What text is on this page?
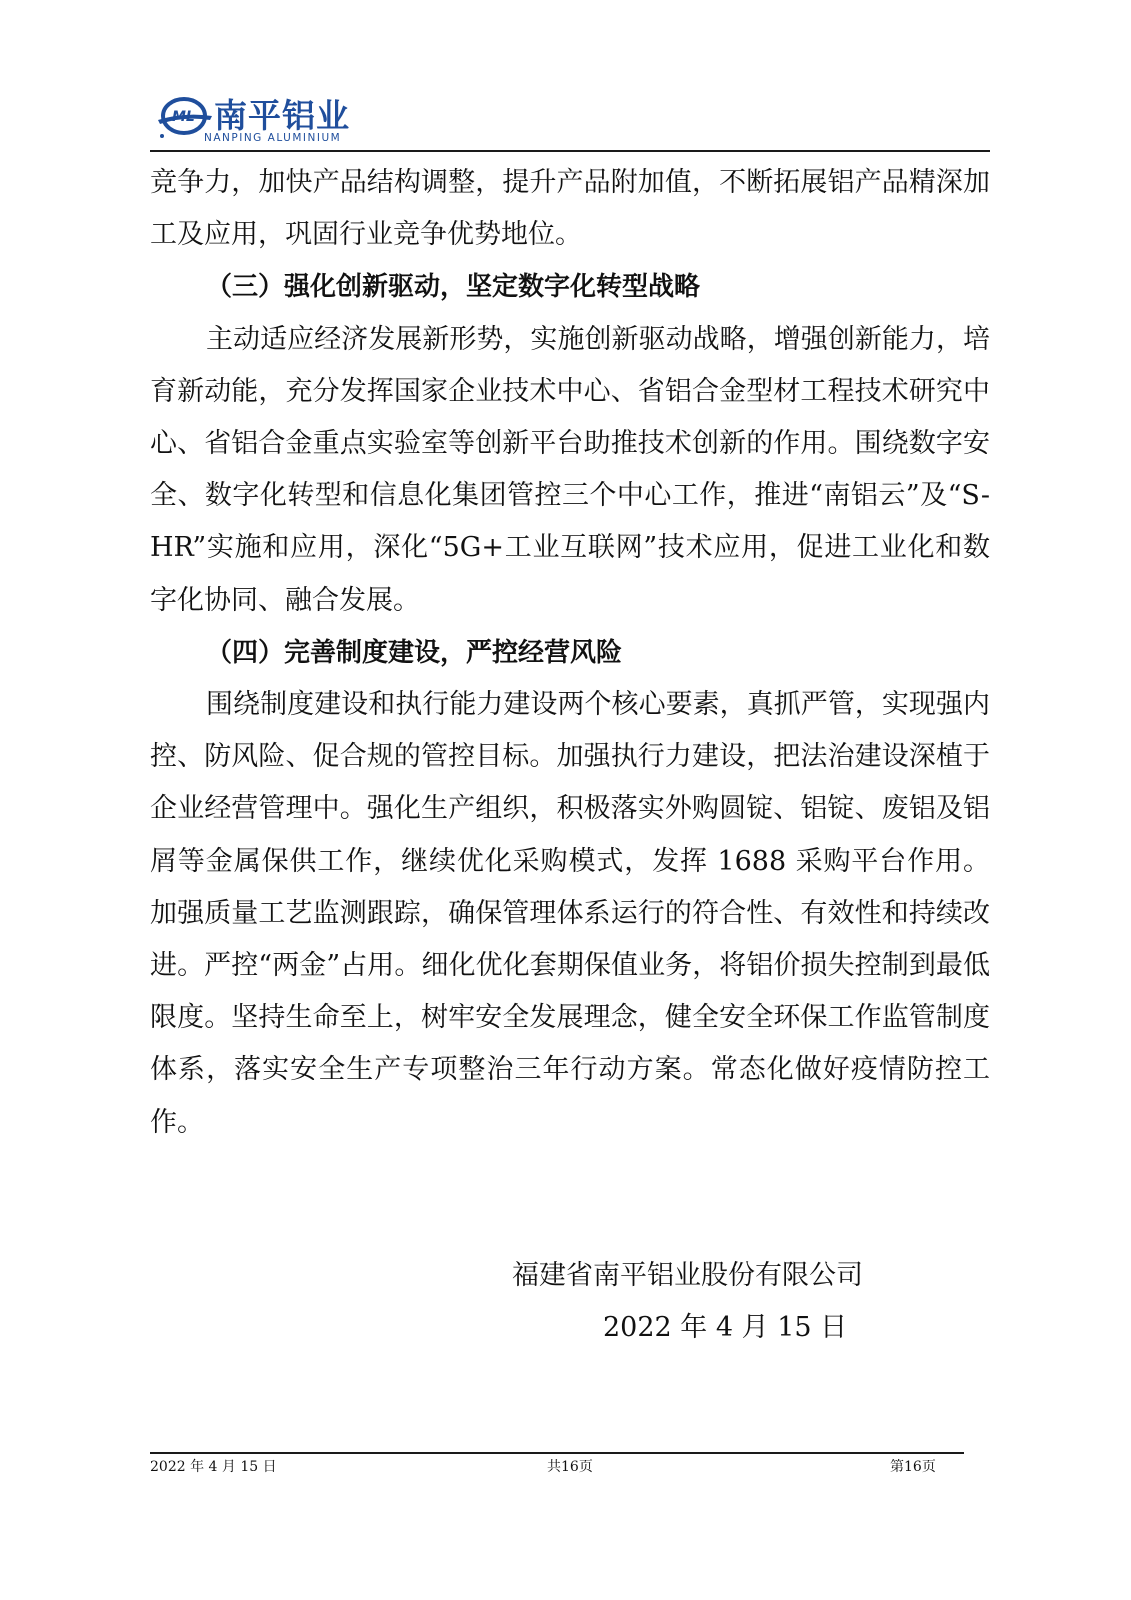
ML 南平铝业
NANPING ALUMINIUM

竞争力，加快产品结构调整，提升产品附加值，不断拓展铝产品精深加工及应用，巩固行业竞争优势地位。

（三）强化创新驱动，坚定数字化转型战略

主动适应经济发展新形势，实施创新驱动战略，增强创新能力，培育新动能，充分发挥国家企业技术中心、省铝合金型材工程技术研究中心、省铝合金重点实验室等创新平台助推技术创新的作用。围绕数字安全、数字化转型和信息化集团管控三个中心工作，推进“南铝云”及“S-HR”实施和应用，深化“5G+工业互联网”技术应用，促进工业化和数字化协同、融合发展。

（四）完善制度建设，严控经营风险

围绕制度建设和执行能力建设两个核心要素，真抓严管，实现强内控、防风险、促合规的管控目标。加强执行力建设，把法治建设深植于企业经营管理中。强化生产组织，积极落实外购圆锭、铝锭、废铝及铝屑等金属保供工作，继续优化采购模式，发挥 1688 采购平台作用。加强质量工艺监测跟踪，确保管理体系运行的符合性、有效性和持续改进。严控“两金”占用。细化优化套期保值业务，将铝价损失控制到最低限度。坚持生命至上，树牢安全发展理念，健全安全环保工作监管制度体系，落实安全生产专项整治三年行动方案。常态化做好疫情防控工作。

福建省南平铝业股份有限公司
2022 年 4 月 15 日
2022 年 4 月 15 日	共16页	第16页
